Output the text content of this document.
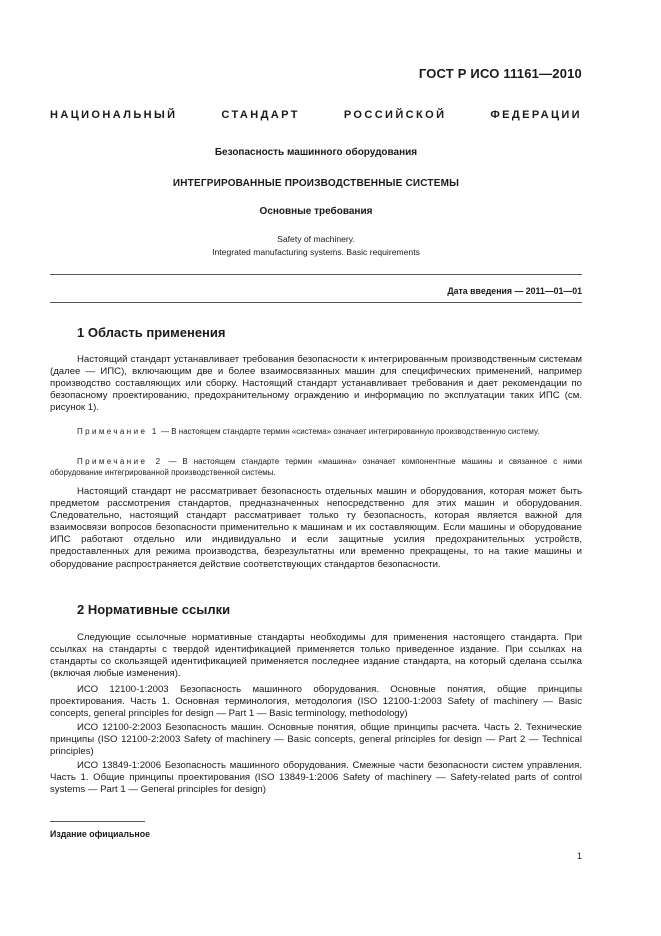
ГОСТ Р ИСО 11161—2010
НАЦИОНАЛЬНЫЙ	СТАНДАРТ	РОССИЙСКОЙ	ФЕДЕРАЦИИ
Безопасность машинного оборудования
ИНТЕГРИРОВАННЫЕ ПРОИЗВОДСТВЕННЫЕ СИСТЕМЫ
Основные требования
Safety of machinery.
Integrated manufacturing systems. Basic requirements
Дата введения — 2011—01—01
1 Область применения

Настоящий стандарт устанавливает требования безопасности к интегрированным производственным системам (далее — ИПС), включающим две и более взаимосвязанных машин для специфических применений, например производство составляющих или сборку. Настоящий стандарт устанавливает требования и дает рекомендации по безопасному проектированию, предохранительному ограждению и информацию по эксплуатации таких ИПС (см. рисунок 1).

Примечание 1 — В настоящем стандарте термин «система» означает интегрированную производственную систему.

Примечание 2 — В настоящем стандарте термин «машина» означает компонентные машины и связанное с ними оборудование интегрированной производственной системы.

Настоящий стандарт не рассматривает безопасность отдельных машин и оборудования, которая может быть предметом рассмотрения стандартов, предназначенных непосредственно для этих машин и оборудования. Следовательно, настоящий стандарт рассматривает только ту безопасность, которая является важной для взаимосвязи вопросов безопасности применительно к машинам и их составляющим. Если машины и оборудование ИПС работают отдельно или индивидуально и если защитные усилия предохранительных устройств, предоставленных для режима производства, безрезультатны или временно прекращены, то на такие машины и оборудование распространяется действие соответствующих стандартов безопасности.

2 Нормативные ссылки

Следующие ссылочные нормативные стандарты необходимы для применения настоящего стандарта. При ссылках на стандарты с твердой идентификацией применяется только приведенное издание. При ссылках на стандарты со скользящей идентификацией применяется последнее издание стандарта, на который сделана ссылка (включая любые изменения).

ИСО 12100-1:2003 Безопасность машинного оборудования. Основные понятия, общие принципы проектирования. Часть 1. Основная терминология, методология (ISO 12100-1:2003 Safety of machinery — Basic concepts, general principles for design — Part 1 — Basic terminology, methodology)

ИСО 12100-2:2003 Безопасность машин. Основные понятия, общие принципы расчета. Часть 2. Технические принципы (ISO 12100-2:2003 Safety of machinery — Basic concepts, general principles for design — Part 2 — Technical principles)

ИСО 13849-1:2006 Безопасность машинного оборудования. Смежные части безопасности систем управления. Часть 1. Общие принципы проектирования (ISO 13849-1:2006 Safety of machinery — Safety-related parts of control systems — Part 1 — General principles for design)

Издание официальное
1
